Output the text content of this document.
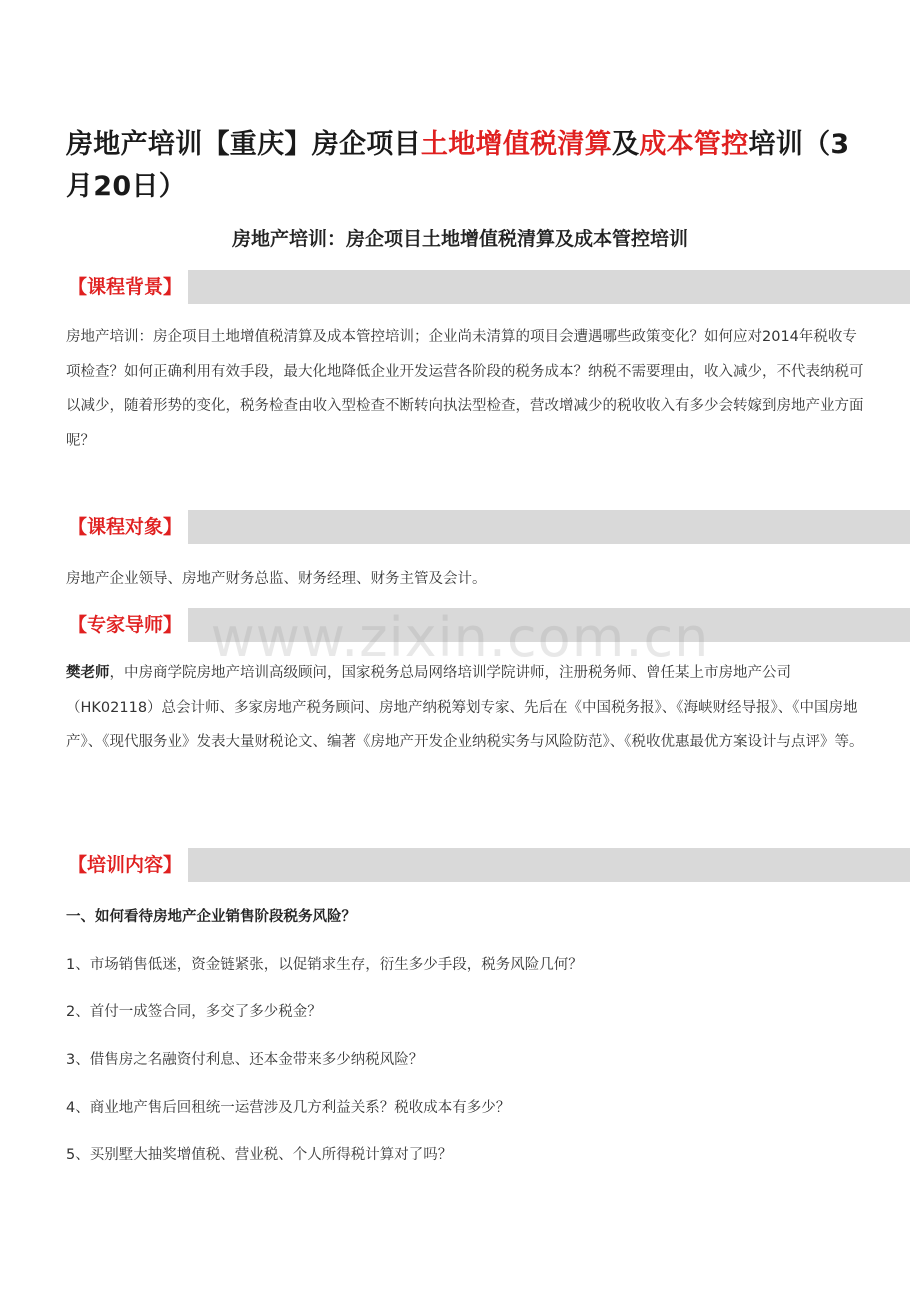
房地产培训【重庆】房企项目土地增值税清算及成本管控培训（3月20日）
房地产培训：房企项目土地增值税清算及成本管控培训
【课程背景】

房地产培训：房企项目土地增值税清算及成本管控培训；企业尚未清算的项目会遭遇哪些政策变化？如何应对2014年税收专项检查？如何正确利用有效手段，最大化地降低企业开发运营各阶段的税务成本？纳税不需要理由，收入减少，不代表纳税可以减少，随着形势的变化，税务检查由收入型检查不断转向执法型检查，营改增减少的税收收入有多少会转嫁到房地产业方面呢？

【课程对象】

房地产企业领导、房地产财务总监、财务经理、财务主管及会计。

【专家导师】

樊老师，中房商学院房地产培训高级顾问，国家税务总局网络培训学院讲师，注册税务师、曾任某上市房地产公司（HK02118）总会计师、多家房地产税务顾问、房地产纳税筹划专家、先后在《中国税务报》、《海峡财经导报》、《中国房地产》、《现代服务业》发表大量财税论文、编著《房地产开发企业纳税实务与风险防范》、《税收优惠最优方案设计与点评》等。

【培训内容】

一、如何看待房地产企业销售阶段税务风险？

1、市场销售低迷，资金链紧张，以促销求生存，衍生多少手段，税务风险几何？

2、首付一成签合同，多交了多少税金？

3、借售房之名融资付利息、还本金带来多少纳税风险？

4、商业地产售后回租统一运营涉及几方利益关系？税收成本有多少？

5、买别墅大抽奖增值税、营业税、个人所得税计算对了吗？

www.zixin.com.cn
